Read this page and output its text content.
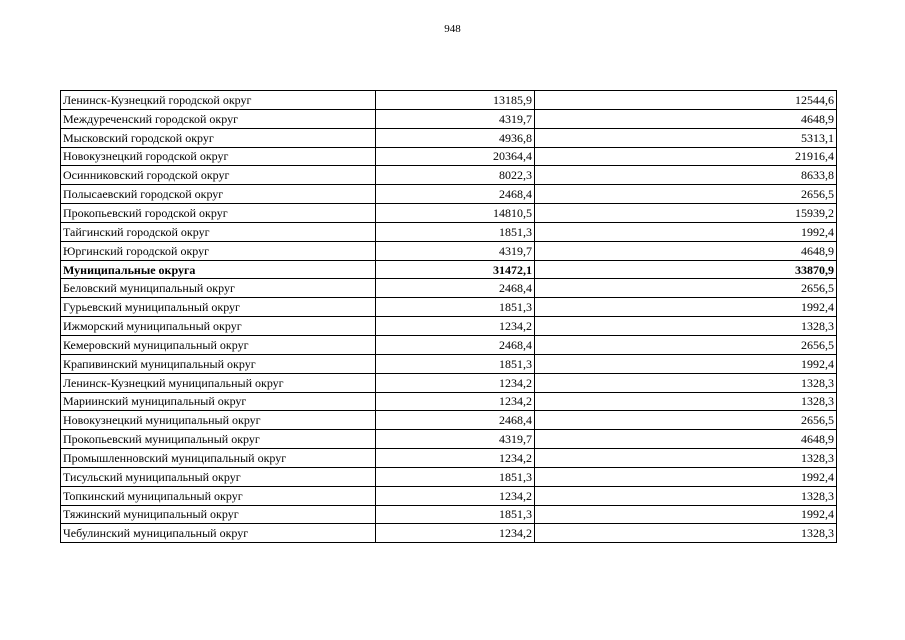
948
Ленинск-Кузнецкий городской округ	13185,9	12544,6
Междуреченский городской округ	4319,7	4648,9
Мысковский городской округ	4936,8	5313,1
Новокузнецкий городской округ	20364,4	21916,4
Осинниковский городской округ	8022,3	8633,8
Полысаевский городской округ	2468,4	2656,5
Прокопьевский городской округ	14810,5	15939,2
Тайгинский городской округ	1851,3	1992,4
Юргинский городской округ	4319,7	4648,9
Муниципальные округа	31472,1	33870,9
Беловский муниципальный округ	2468,4	2656,5
Гурьевский муниципальный округ	1851,3	1992,4
Ижморский муниципальный округ	1234,2	1328,3
Кемеровский муниципальный округ	2468,4	2656,5
Крапивинский муниципальный округ	1851,3	1992,4
Ленинск-Кузнецкий муниципальный округ	1234,2	1328,3
Мариинский муниципальный округ	1234,2	1328,3
Новокузнецкий муниципальный округ	2468,4	2656,5
Прокопьевский муниципальный округ	4319,7	4648,9
Промышленновский муниципальный округ	1234,2	1328,3
Тисульский муниципальный округ	1851,3	1992,4
Топкинский муниципальный округ	1234,2	1328,3
Тяжинский муниципальный округ	1851,3	1992,4
Чебулинский муниципальный округ	1234,2	1328,3
